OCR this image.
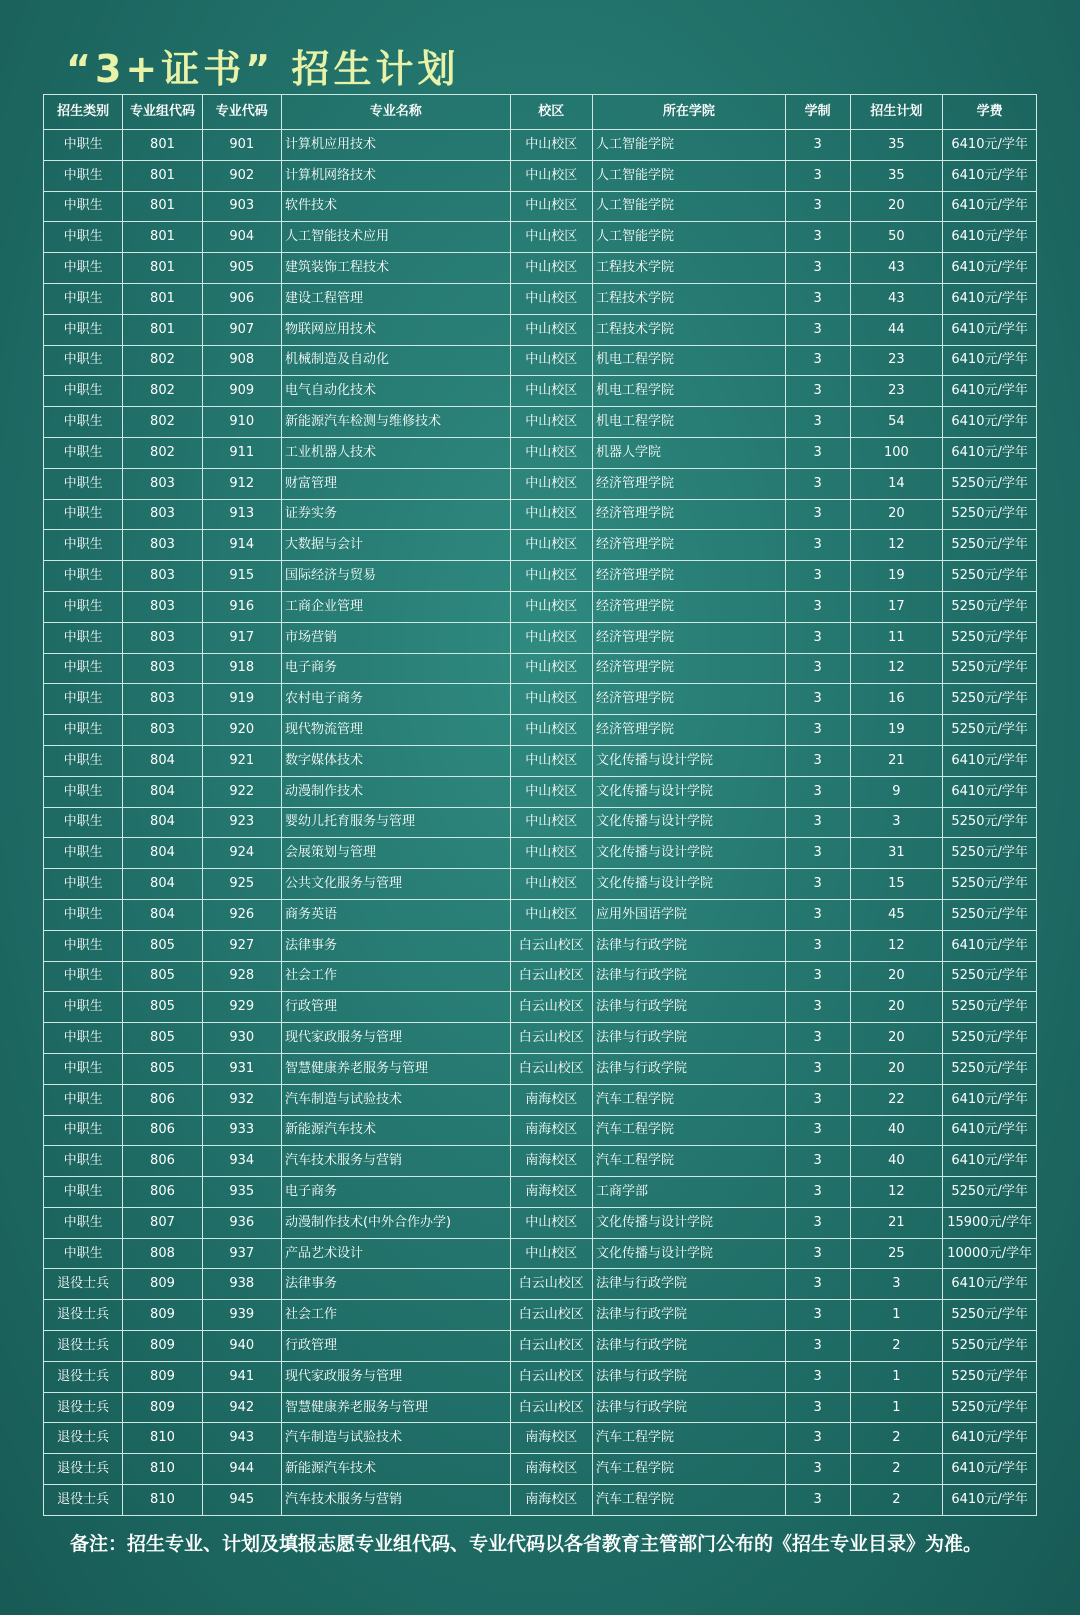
“3+证书” 招生计划
招生类别	专业组代码	专业代码	专业名称	校区	所在学院	学制	招生计划	学费
中职生	801	901	计算机应用技术	中山校区	人工智能学院	3	35	6410元/学年
中职生	801	902	计算机网络技术	中山校区	人工智能学院	3	35	6410元/学年
中职生	801	903	软件技术	中山校区	人工智能学院	3	20	6410元/学年
中职生	801	904	人工智能技术应用	中山校区	人工智能学院	3	50	6410元/学年
中职生	801	905	建筑装饰工程技术	中山校区	工程技术学院	3	43	6410元/学年
中职生	801	906	建设工程管理	中山校区	工程技术学院	3	43	6410元/学年
中职生	801	907	物联网应用技术	中山校区	工程技术学院	3	44	6410元/学年
中职生	802	908	机械制造及自动化	中山校区	机电工程学院	3	23	6410元/学年
中职生	802	909	电气自动化技术	中山校区	机电工程学院	3	23	6410元/学年
中职生	802	910	新能源汽车检测与维修技术	中山校区	机电工程学院	3	54	6410元/学年
中职生	802	911	工业机器人技术	中山校区	机器人学院	3	100	6410元/学年
中职生	803	912	财富管理	中山校区	经济管理学院	3	14	5250元/学年
中职生	803	913	证券实务	中山校区	经济管理学院	3	20	5250元/学年
中职生	803	914	大数据与会计	中山校区	经济管理学院	3	12	5250元/学年
中职生	803	915	国际经济与贸易	中山校区	经济管理学院	3	19	5250元/学年
中职生	803	916	工商企业管理	中山校区	经济管理学院	3	17	5250元/学年
中职生	803	917	市场营销	中山校区	经济管理学院	3	11	5250元/学年
中职生	803	918	电子商务	中山校区	经济管理学院	3	12	5250元/学年
中职生	803	919	农村电子商务	中山校区	经济管理学院	3	16	5250元/学年
中职生	803	920	现代物流管理	中山校区	经济管理学院	3	19	5250元/学年
中职生	804	921	数字媒体技术	中山校区	文化传播与设计学院	3	21	6410元/学年
中职生	804	922	动漫制作技术	中山校区	文化传播与设计学院	3	9	6410元/学年
中职生	804	923	婴幼儿托育服务与管理	中山校区	文化传播与设计学院	3	3	5250元/学年
中职生	804	924	会展策划与管理	中山校区	文化传播与设计学院	3	31	5250元/学年
中职生	804	925	公共文化服务与管理	中山校区	文化传播与设计学院	3	15	5250元/学年
中职生	804	926	商务英语	中山校区	应用外国语学院	3	45	5250元/学年
中职生	805	927	法律事务	白云山校区	法律与行政学院	3	12	6410元/学年
中职生	805	928	社会工作	白云山校区	法律与行政学院	3	20	5250元/学年
中职生	805	929	行政管理	白云山校区	法律与行政学院	3	20	5250元/学年
中职生	805	930	现代家政服务与管理	白云山校区	法律与行政学院	3	20	5250元/学年
中职生	805	931	智慧健康养老服务与管理	白云山校区	法律与行政学院	3	20	5250元/学年
中职生	806	932	汽车制造与试验技术	南海校区	汽车工程学院	3	22	6410元/学年
中职生	806	933	新能源汽车技术	南海校区	汽车工程学院	3	40	6410元/学年
中职生	806	934	汽车技术服务与营销	南海校区	汽车工程学院	3	40	6410元/学年
中职生	806	935	电子商务	南海校区	工商学部	3	12	5250元/学年
中职生	807	936	动漫制作技术(中外合作办学)	中山校区	文化传播与设计学院	3	21	15900元/学年
中职生	808	937	产品艺术设计	中山校区	文化传播与设计学院	3	25	10000元/学年
退役士兵	809	938	法律事务	白云山校区	法律与行政学院	3	3	6410元/学年
退役士兵	809	939	社会工作	白云山校区	法律与行政学院	3	1	5250元/学年
退役士兵	809	940	行政管理	白云山校区	法律与行政学院	3	2	5250元/学年
退役士兵	809	941	现代家政服务与管理	白云山校区	法律与行政学院	3	1	5250元/学年
退役士兵	809	942	智慧健康养老服务与管理	白云山校区	法律与行政学院	3	1	5250元/学年
退役士兵	810	943	汽车制造与试验技术	南海校区	汽车工程学院	3	2	6410元/学年
退役士兵	810	944	新能源汽车技术	南海校区	汽车工程学院	3	2	6410元/学年
退役士兵	810	945	汽车技术服务与营销	南海校区	汽车工程学院	3	2	6410元/学年
备注：招生专业、计划及填报志愿专业组代码、专业代码以各省教育主管部门公布的《招生专业目录》为准。
